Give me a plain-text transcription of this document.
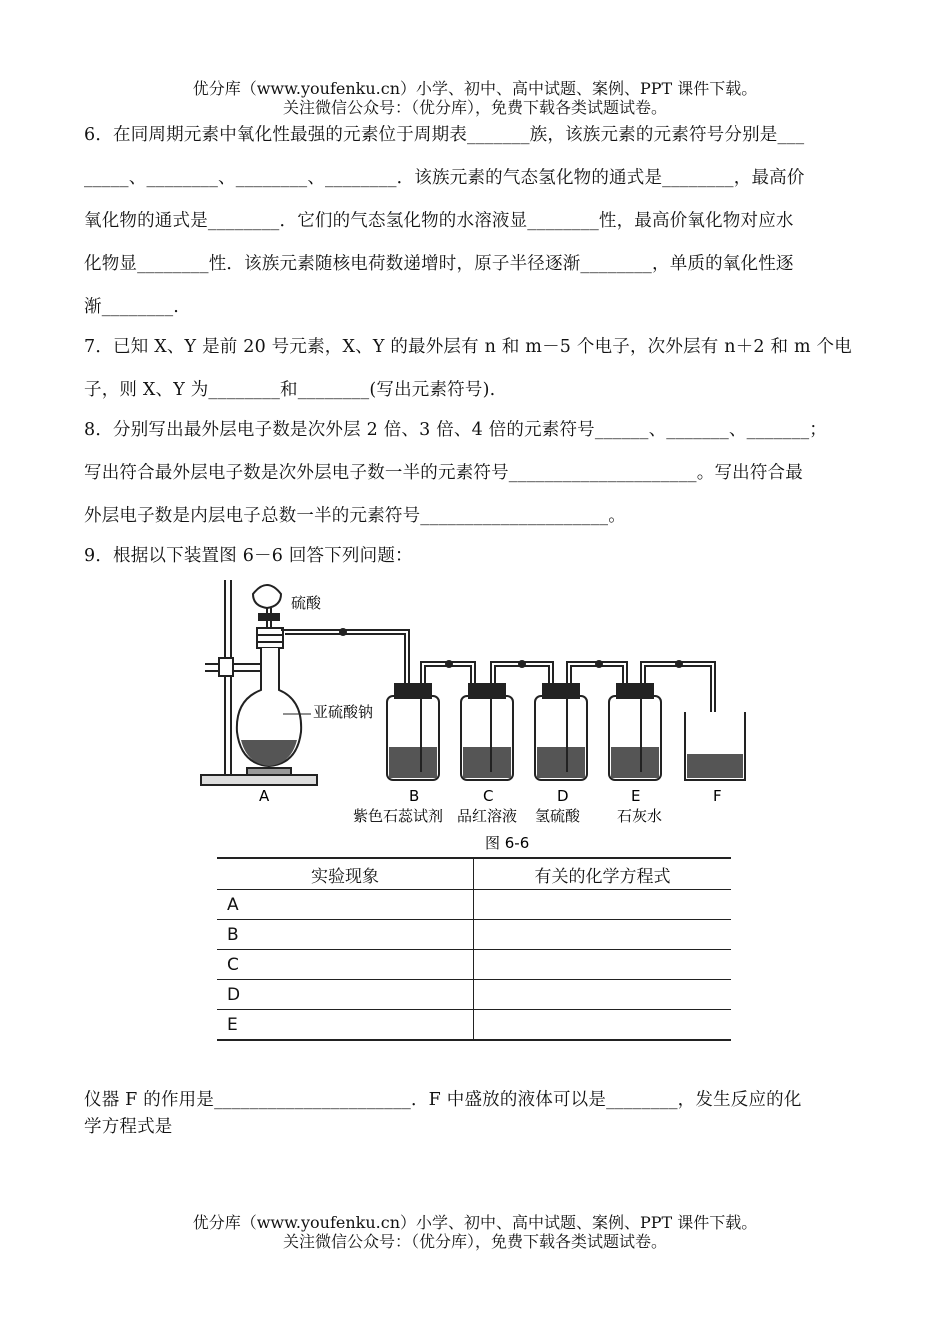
优分库（www.youfenku.cn）小学、初中、高中试题、案例、PPT 课件下载。
关注微信公众号：（优分库），免费下载各类试题试卷。
6．在同周期元素中氧化性最强的元素位于周期表_______族，该族元素的元素符号分别是___
_____、________、________、________．该族元素的气态氢化物的通式是________，最高价
氧化物的通式是________．它们的气态氢化物的水溶液显________性，最高价氧化物对应水
化物显________性．该族元素随核电荷数递增时，原子半径逐渐________，单质的氧化性逐
渐________.
7．已知 X、Y 是前 20 号元素，X、Y 的最外层有 n 和 m－5 个电子，次外层有 n＋2 和 m 个电
子，则 X、Y 为________和________(写出元素符号).
8．分别写出最外层电子数是次外层 2 倍、3 倍、4 倍的元素符号______、_______、_______；
写出符合最外层电子数是次外层电子数一半的元素符号_____________________。写出符合最
外层电子数是内层电子总数一半的元素符号_____________________。
9．根据以下装置图 6－6 回答下列问题：
硫酸
亚硫酸钠
A	B	C	D	E	F
紫色石蕊试剂 品红溶液 氢硫酸 石灰水
图 6-6
实验现象	有关的化学方程式
A	
B	
C	
D	
E	
仪器 F 的作用是______________________．F 中盛放的液体可以是________，发生反应的化
学方程式是
优分库（www.youfenku.cn）小学、初中、高中试题、案例、PPT 课件下载。
关注微信公众号：（优分库），免费下载各类试题试卷。
